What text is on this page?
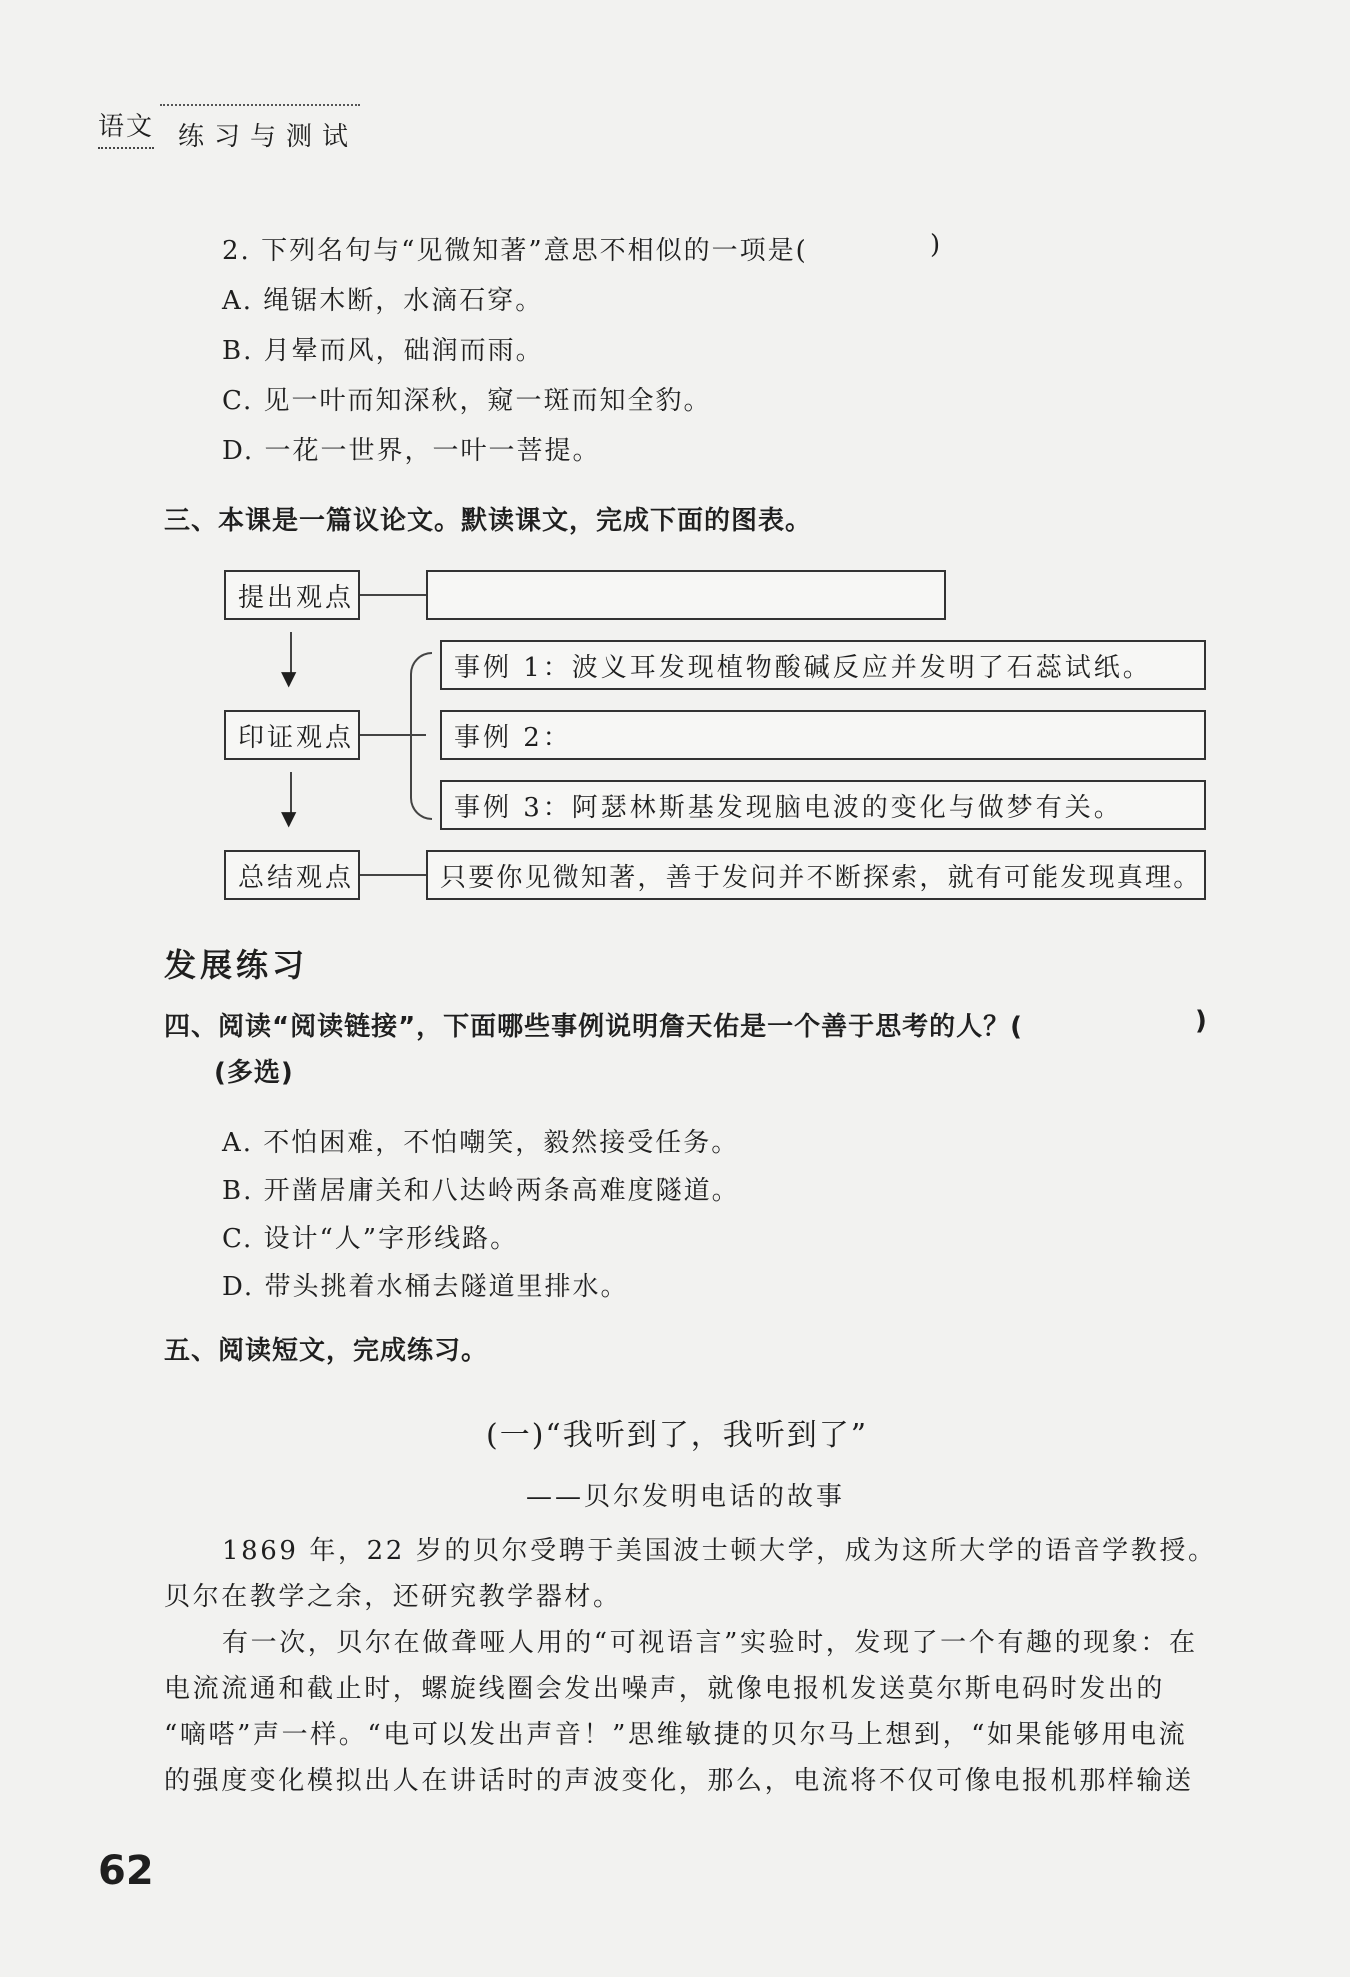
语文 练习与测试
2. 下列名句与“见微知著”意思不相似的一项是(	)
A. 绳锯木断，水滴石穿。
B. 月晕而风，础润而雨。
C. 见一叶而知深秋，窥一斑而知全豹。
D. 一花一世界，一叶一菩提。
三、本课是一篇议论文。默读课文，完成下面的图表。
提出观点
▼
印证观点
事例 1：波义耳发现植物酸碱反应并发明了石蕊试纸。
事例 2：
事例 3：阿瑟林斯基发现脑电波的变化与做梦有关。
▼
总结观点	只要你见微知著，善于发问并不断探索，就有可能发现真理。
发展练习
四、阅读“阅读链接”，下面哪些事例说明詹天佑是一个善于思考的人？(	)
(多选)
A. 不怕困难，不怕嘲笑，毅然接受任务。
B. 开凿居庸关和八达岭两条高难度隧道。
C. 设计“人”字形线路。
D. 带头挑着水桶去隧道里排水。
五、阅读短文，完成练习。
(一)“我听到了，我听到了”
——贝尔发明电话的故事
1869 年，22 岁的贝尔受聘于美国波士顿大学，成为这所大学的语音学教授。
贝尔在教学之余，还研究教学器材。
有一次，贝尔在做聋哑人用的“可视语言”实验时，发现了一个有趣的现象：在
电流流通和截止时，螺旋线圈会发出噪声，就像电报机发送莫尔斯电码时发出的
“嘀嗒”声一样。“电可以发出声音！”思维敏捷的贝尔马上想到，“如果能够用电流
的强度变化模拟出人在讲话时的声波变化，那么，电流将不仅可像电报机那样输送
62
